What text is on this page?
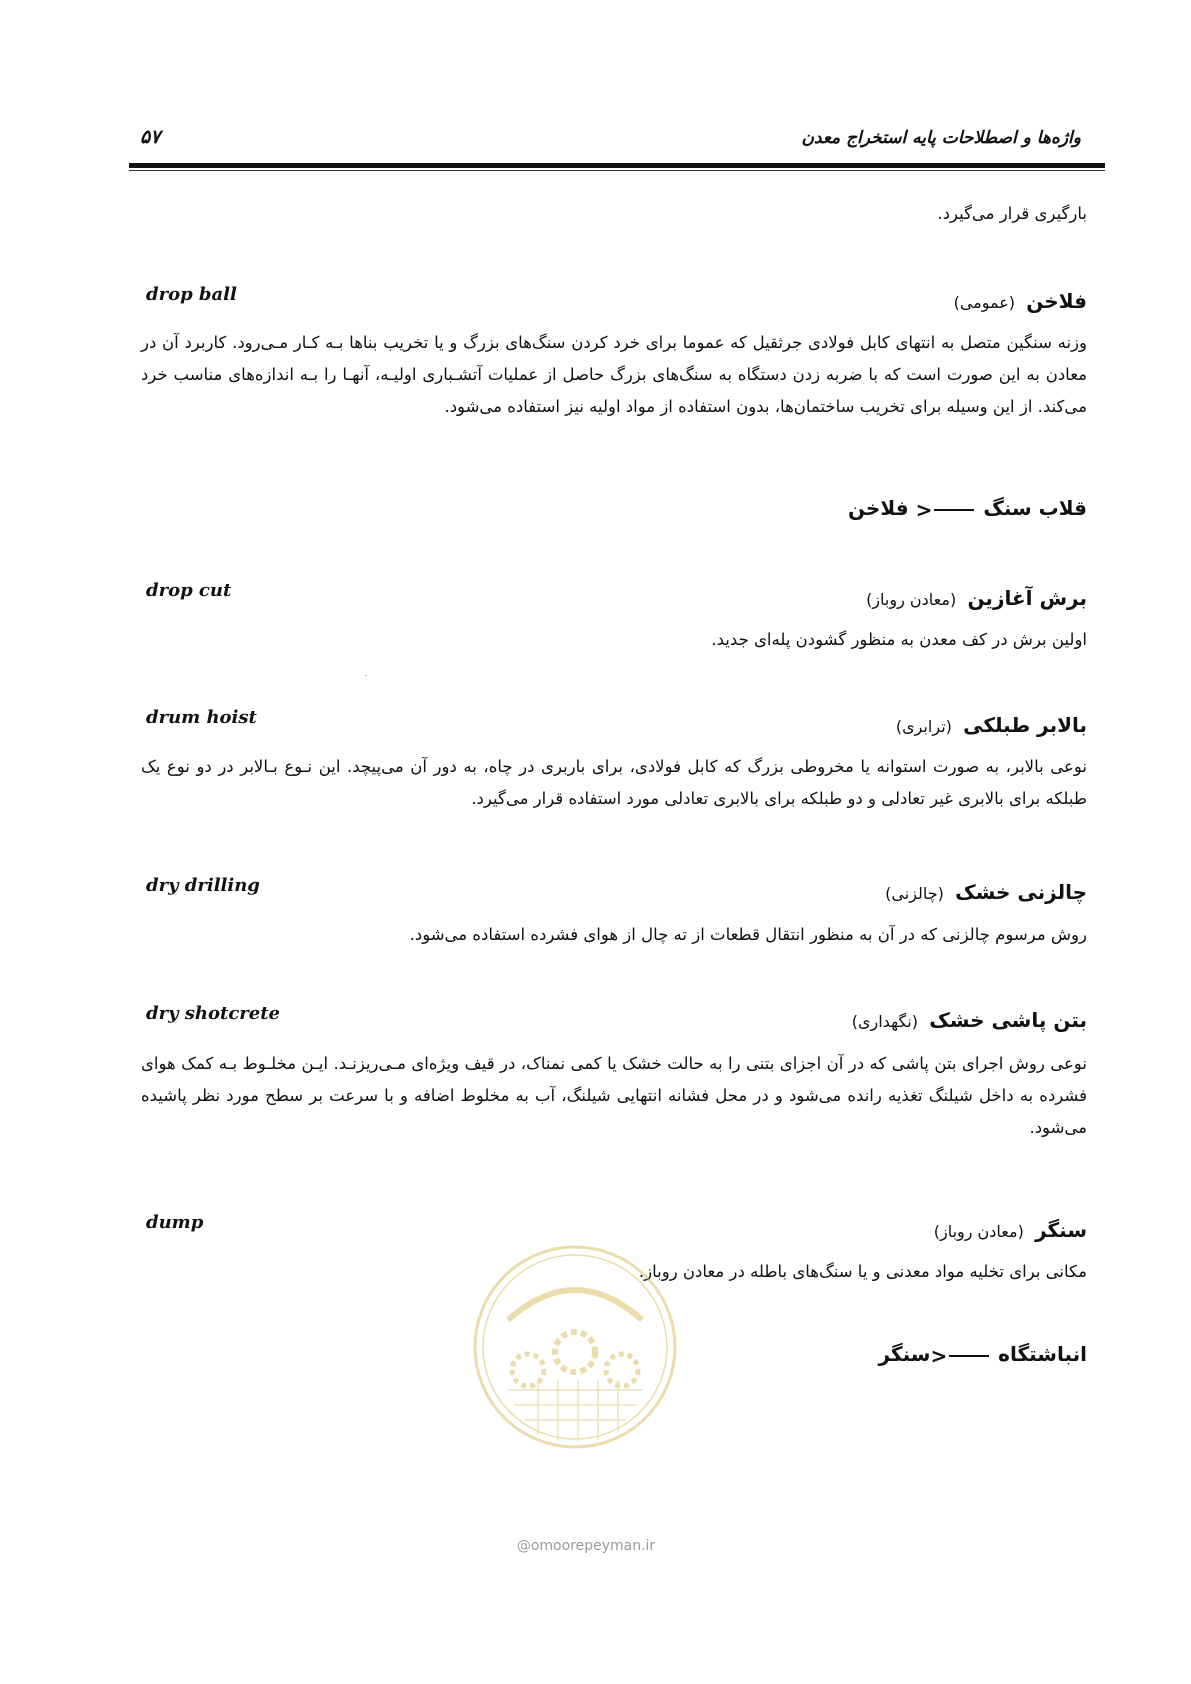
واژه‌ها و اصطلاحات پایه استخراج معدن
۵۷
بارگیری قرار می‌گیرد.
drop ball	فلاخن (عمومی)
وزنه سنگین متصل به انتهای کابل فولادی جرثقیل که عموما برای خرد کردن سنگ‌های بزرگ و یا تخریب بناها بـه کـار مـی‌رود. کاربرد آن در معادن به این صورت است که با ضربه زدن دستگاه به سنگ‌های بزرگ حاصل از عملیات آتشـباری اولیـه، آنهـا را بـه اندازه‌های مناسب خرد می‌کند. از این وسیله برای تخریب ساختمان‌ها، بدون استفاده از مواد اولیه نیز استفاده می‌شود.
قلاب سنگ < فلاخن
drop cut	برش آغازین (معادن روباز)
اولین برش در کف معدن به منظور گشودن پله‌ای جدید.
drum hoist	بالابر طبلکی (ترابری)
نوعی بالابر، به صورت استوانه یا مخروطی بزرگ که کابل فولادی، برای باربری در چاه، به دور آن می‌پیچد. این نـوع بـالابر در دو نوع یک طبلکه برای بالابری غیر تعادلی و دو طبلکه برای بالابری تعادلی مورد استفاده قرار می‌گیرد.
dry drilling	چالزنی خشک (چالزنی)
روش مرسوم چالزنی که در آن به منظور انتقال قطعات از ته چال از هوای فشرده استفاده می‌شود.
dry shotcrete	بتن پاشی خشک (نگهداری)
نوعی روش اجرای بتن پاشی که در آن اجزای بتنی را به حالت خشک یا کمی نمناک، در قیف ویژه‌ای مـی‌ریزنـد. ایـن مخلـوط بـه کمک هوای فشرده به داخل شیلنگ تغذیه رانده می‌شود و در محل فشانه انتهایی شیلنگ، آب به مخلوط اضافه و با سرعت بر سطح مورد نظر پاشیده می‌شود.
dump	سنگر (معادن روباز)
مکانی برای تخلیه مواد معدنی و یا سنگ‌های باطله در معادن روباز.
انباشتگاه <سنگر
@omoorepeyman.ir
